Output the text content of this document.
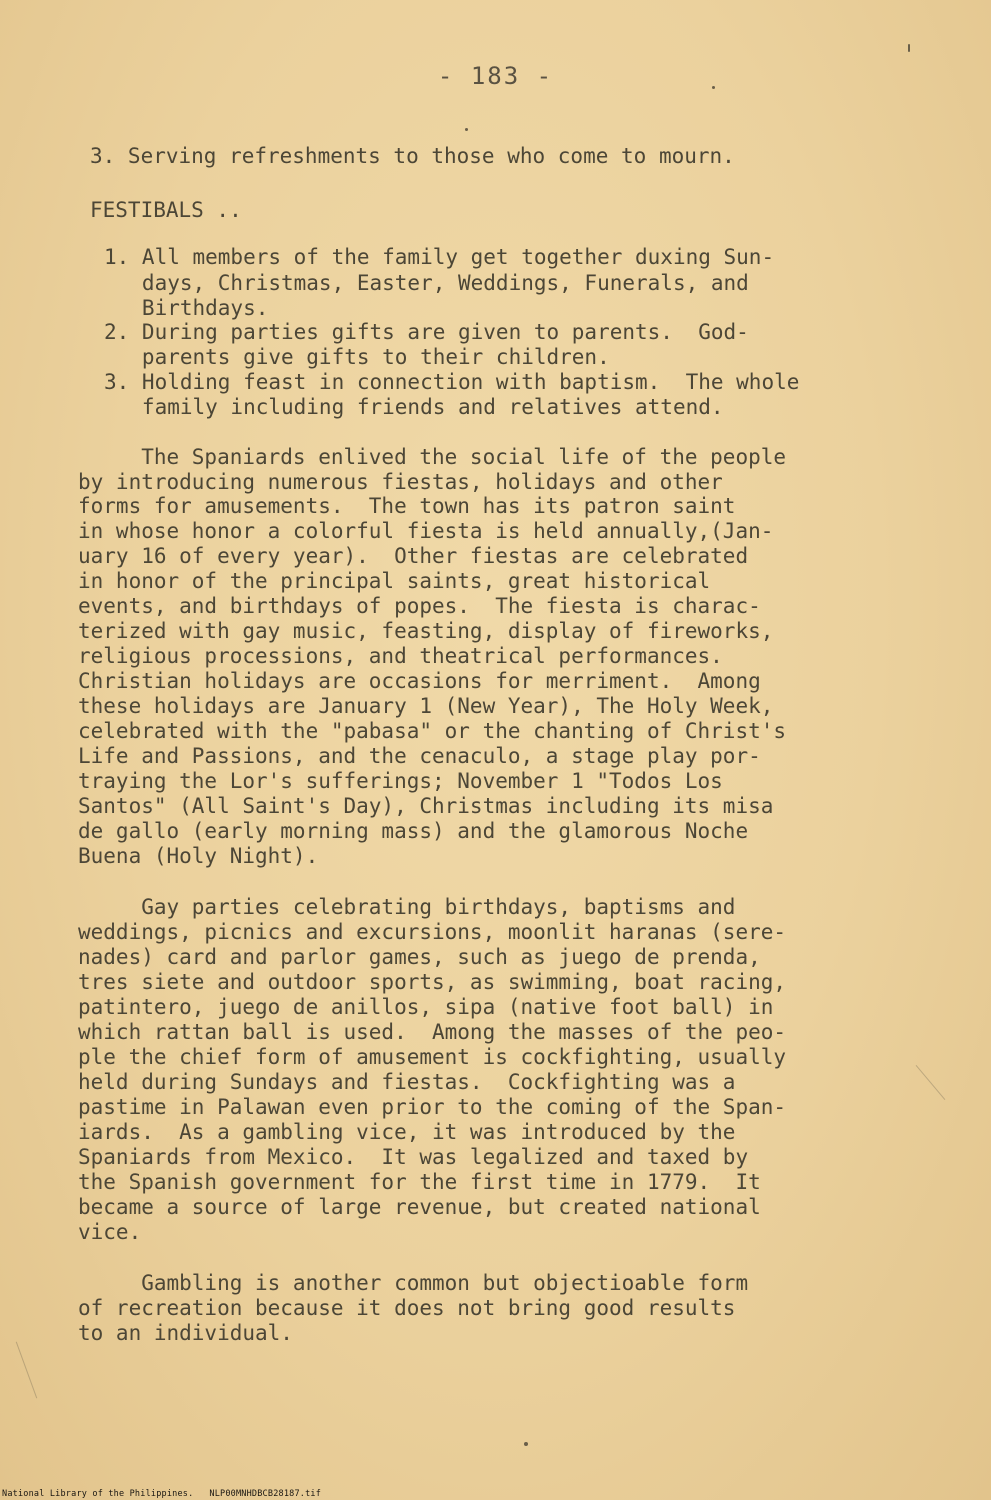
- 183 -
3. Serving refreshments to those who come to mourn.
FESTIBALS ..
1. All members of the family get together duxing Sun-
days, Christmas, Easter, Weddings, Funerals, and
Birthdays.
2. During parties gifts are given to parents.  God-
parents give gifts to their children.
3. Holding feast in connection with baptism.  The whole
family including friends and relatives attend.
The Spaniards enlived the social life of the people
by introducing numerous fiestas, holidays and other
forms for amusements.  The town has its patron saint
in whose honor a colorful fiesta is held annually,(Jan-
uary 16 of every year).  Other fiestas are celebrated
in honor of the principal saints, great historical
events, and birthdays of popes.  The fiesta is charac-
terized with gay music, feasting, display of fireworks,
religious processions, and theatrical performances.
Christian holidays are occasions for merriment.  Among
these holidays are January 1 (New Year), The Holy Week,
celebrated with the "pabasa" or the chanting of Christ's
Life and Passions, and the cenaculo, a stage play por-
traying the Lor's sufferings; November 1 "Todos Los
Santos" (All Saint's Day), Christmas including its misa
de gallo (early morning mass) and the glamorous Noche
Buena (Holy Night).
Gay parties celebrating birthdays, baptisms and
weddings, picnics and excursions, moonlit haranas (sere-
nades) card and parlor games, such as juego de prenda,
tres siete and outdoor sports, as swimming, boat racing,
patintero, juego de anillos, sipa (native foot ball) in
which rattan ball is used.  Among the masses of the peo-
ple the chief form of amusement is cockfighting, usually
held during Sundays and fiestas.  Cockfighting was a
pastime in Palawan even prior to the coming of the Span-
iards.  As a gambling vice, it was introduced by the
Spaniards from Mexico.  It was legalized and taxed by
the Spanish government for the first time in 1779.  It
became a source of large revenue, but created national
vice.
Gambling is another common but objectioable form
of recreation because it does not bring good results
to an individual.
National Library of the Philippines.   NLP00MNHDBCB28187.tif
